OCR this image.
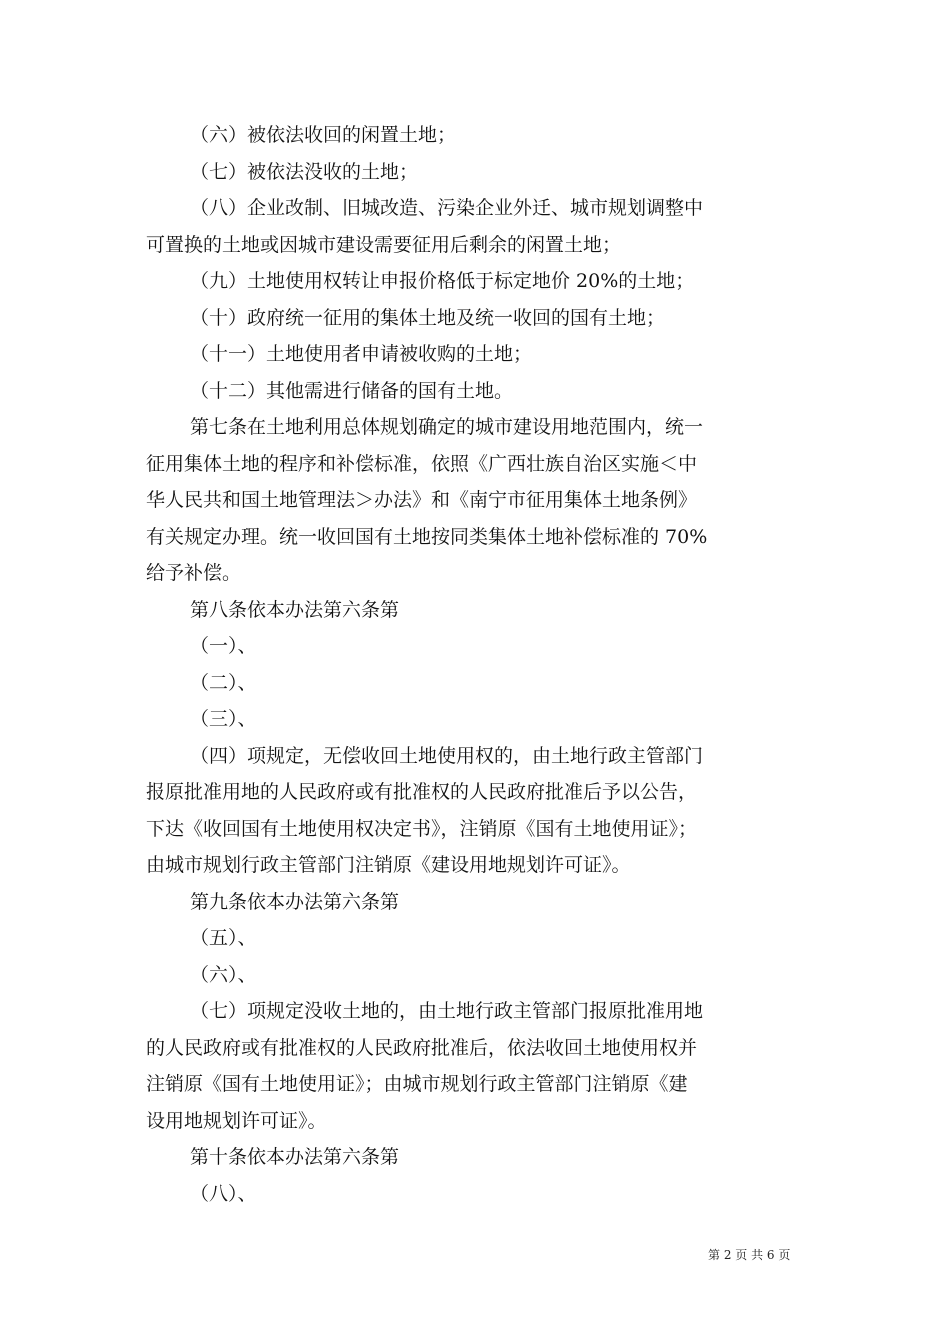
（六）被依法收回的闲置土地；
（七）被依法没收的土地；
（八）企业改制、旧城改造、污染企业外迁、城市规划调整中
可置换的土地或因城市建设需要征用后剩余的闲置土地；
（九）土地使用权转让申报价格低于标定地价 20%的土地；
（十）政府统一征用的集体土地及统一收回的国有土地；
（十一）土地使用者申请被收购的土地；
（十二）其他需进行储备的国有土地。
第七条在土地利用总体规划确定的城市建设用地范围内，统一
征用集体土地的程序和补偿标准，依照《广西壮族自治区实施＜中
华人民共和国土地管理法＞办法》和《南宁市征用集体土地条例》
有关规定办理。统一收回国有土地按同类集体土地补偿标准的 70%
给予补偿。
第八条依本办法第六条第
（一）、
（二）、
（三）、
（四）项规定，无偿收回土地使用权的，由土地行政主管部门
报原批准用地的人民政府或有批准权的人民政府批准后予以公告，
下达《收回国有土地使用权决定书》，注销原《国有土地使用证》；
由城市规划行政主管部门注销原《建设用地规划许可证》。
第九条依本办法第六条第
（五）、
（六）、
（七）项规定没收土地的，由土地行政主管部门报原批准用地
的人民政府或有批准权的人民政府批准后，依法收回土地使用权并
注销原《国有土地使用证》；由城市规划行政主管部门注销原《建
设用地规划许可证》。
第十条依本办法第六条第
（八）、
第 2 页 共 6 页
